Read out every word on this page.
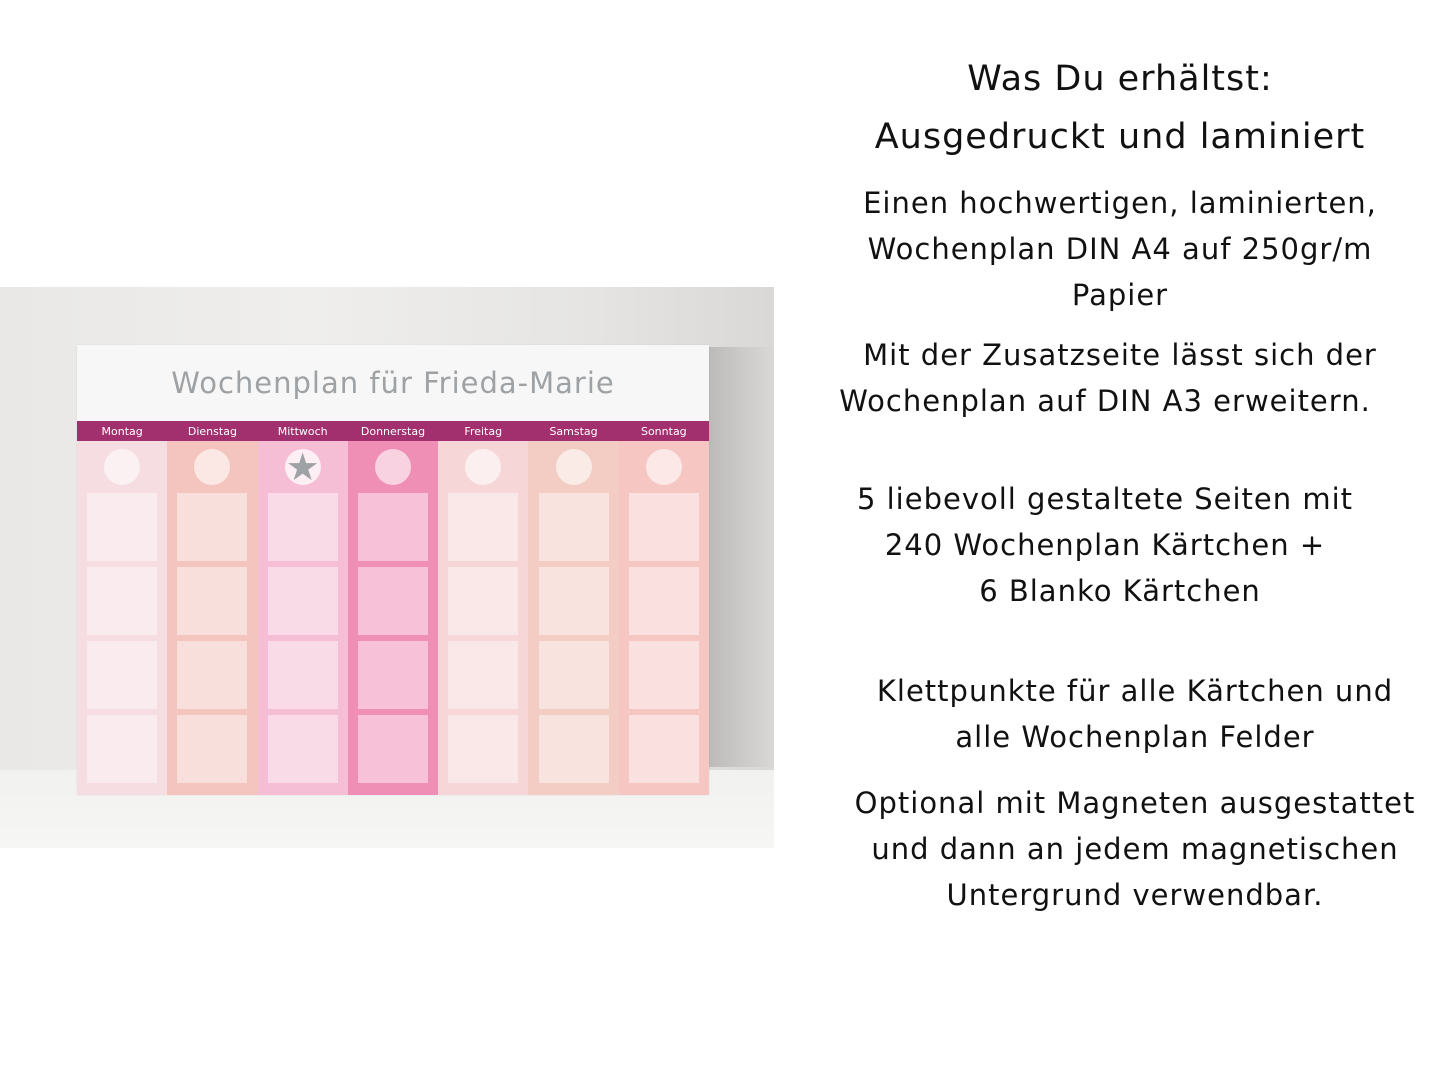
Wochenplan für Frieda-Marie
Montag	Dienstag	Mittwoch	Donnerstag	Freitag	Samstag	Sonntag
★

Was Du erhältst:

Ausgedruckt und laminiert

Einen hochwertigen, laminierten,

Wochenplan DIN A4 auf 250gr/m

Papier

Mit der Zusatzseite lässt sich der

Wochenplan auf DIN A3 erweitern.

5 liebevoll gestaltete Seiten mit

240 Wochenplan Kärtchen +

6 Blanko Kärtchen

Klettpunkte für alle Kärtchen und

alle Wochenplan Felder

Optional mit Magneten ausgestattet

und dann an jedem magnetischen

Untergrund verwendbar.
